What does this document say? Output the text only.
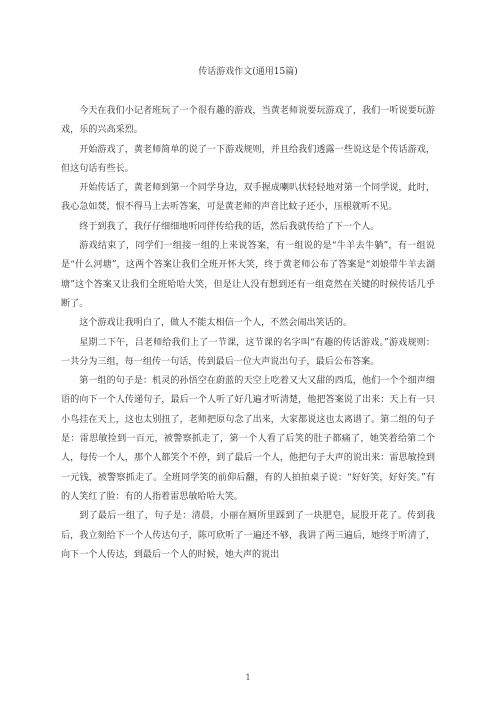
传话游戏作文(通用15篇)

今天在我们小记者班玩了一个很有趣的游戏，当黄老师说要玩游戏了，我们一听说要玩游戏，乐的兴高采烈。

开始游戏了，黄老师简单的说了一下游戏规则，并且给我们透露一些说这是个传话游戏，但这句话有些长。

开始传话了，黄老师到第一个同学身边，双手握成喇叭状轻轻地对第一个同学说，此时，我心急如焚，恨不得马上去听答案，可是黄老师的声音比蚊子还小，压根就听不见。

终于到我了，我仔仔细细地听同伴传给我的话，然后我就传给了下一个人。

游戏结束了，同学们一组接一组的上来说答案，有一组说的是“牛羊去牛躺”，有一组说是“什么河塘”，这两个答案让我们全班开怀大笑，终于黄老师公布了答案是“刘娘带牛羊去湖塘”这个答案又让我们全班哈哈大笑，但是让人没有想到还有一组竟然在关键的时候传话几乎断了。

这个游戏让我明白了，做人不能太相信一个人，不然会闹出笑话的。

星期二下午，吕老师给我们上了一节课，这节课的名字叫“有趣的传话游戏。”游戏规则：一共分为三组，每一组传一句话，传到最后一位大声说出句子，最后公布答案。

第一组的句子是：机灵的孙悟空在蔚蓝的天空上吃着又大又甜的西瓜，他们一个个细声细语的向下一个人传递句子，最后一个人听了好几遍才听清楚，他把答案说了出来：天上有一只小鸟挂在天上，这也太别扭了，老师把原句念了出来，大家都说这也太离谱了。第二组的句子是：雷思敏捡到一百元，被警察抓走了，第一个人看了后笑的肚子都痛了，她笑着给第二个人，每传一个人，那个人都笑个不停，到了最后一个人，他把句子大声的说出来：雷思敏捡到一元钱，被警察抓走了。全班同学笑的前仰后翻，有的人拍拍桌子说：“好好笑，好好笑。”有的人笑红了脸：有的人指着雷思敏哈哈大笑。

到了最后一组了，句子是：清晨，小丽在厕所里踩到了一块肥皂，屁股开花了。传到我后，我立刻给下一个人传达句子，陈可欣听了一遍还不够，我讲了两三遍后，她终于听清了，向下一个人传达，到最后一个人的时候，她大声的说出

1
